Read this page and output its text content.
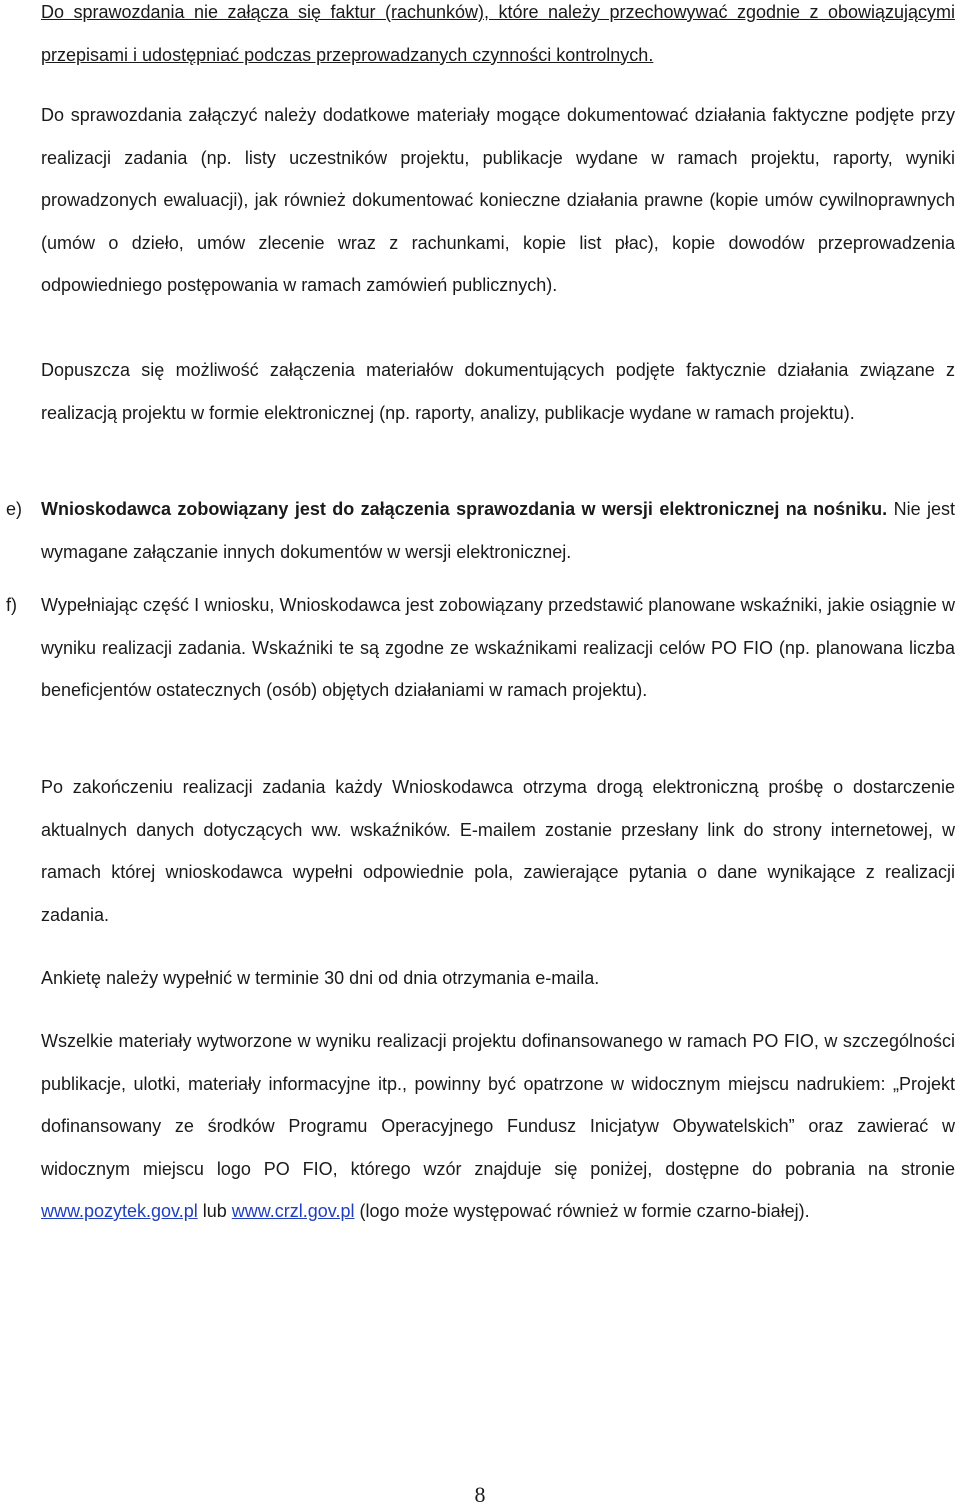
Do sprawozdania nie załącza się faktur (rachunków), które należy przechowywać zgodnie z obowiązującymi przepisami i udostępniać podczas przeprowadzanych czynności kontrolnych.

Do sprawozdania załączyć należy dodatkowe materiały mogące dokumentować działania faktyczne podjęte przy realizacji zadania (np. listy uczestników projektu, publikacje wydane w ramach projektu, raporty, wyniki prowadzonych ewaluacji), jak również dokumentować konieczne działania prawne (kopie umów cywilnoprawnych (umów o dzieło, umów zlecenie wraz z rachunkami, kopie list płac), kopie dowodów przeprowadzenia odpowiedniego postępowania w ramach zamówień publicznych).

Dopuszcza się możliwość załączenia materiałów dokumentujących podjęte faktycznie działania związane z realizacją projektu w formie elektronicznej (np. raporty, analizy, publikacje wydane w ramach projektu).

e) Wnioskodawca zobowiązany jest do załączenia sprawozdania w wersji elektronicznej na nośniku. Nie jest wymagane załączanie innych dokumentów w wersji elektronicznej.

f) Wypełniając część I wniosku, Wnioskodawca jest zobowiązany przedstawić planowane wskaźniki, jakie osiągnie w wyniku realizacji zadania. Wskaźniki te są zgodne ze wskaźnikami realizacji celów PO FIO (np. planowana liczba beneficjentów ostatecznych (osób) objętych działaniami w ramach projektu).

Po zakończeniu realizacji zadania każdy Wnioskodawca otrzyma drogą elektroniczną prośbę o dostarczenie aktualnych danych dotyczących ww. wskaźników. E-mailem zostanie przesłany link do strony internetowej, w ramach której wnioskodawca wypełni odpowiednie pola, zawierające pytania o dane wynikające z realizacji zadania.

Ankietę należy wypełnić w terminie 30 dni od dnia otrzymania e-maila.

Wszelkie materiały wytworzone w wyniku realizacji projektu dofinansowanego w ramach PO FIO, w szczególności publikacje, ulotki, materiały informacyjne itp., powinny być opatrzone w widocznym miejscu nadrukiem: „Projekt dofinansowany ze środków Programu Operacyjnego Fundusz Inicjatyw Obywatelskich” oraz zawierać w widocznym miejscu logo PO FIO, którego wzór znajduje się poniżej, dostępne do pobrania na stronie www.pozytek.gov.pl lub www.crzl.gov.pl (logo może występować również w formie czarno-białej).

8
